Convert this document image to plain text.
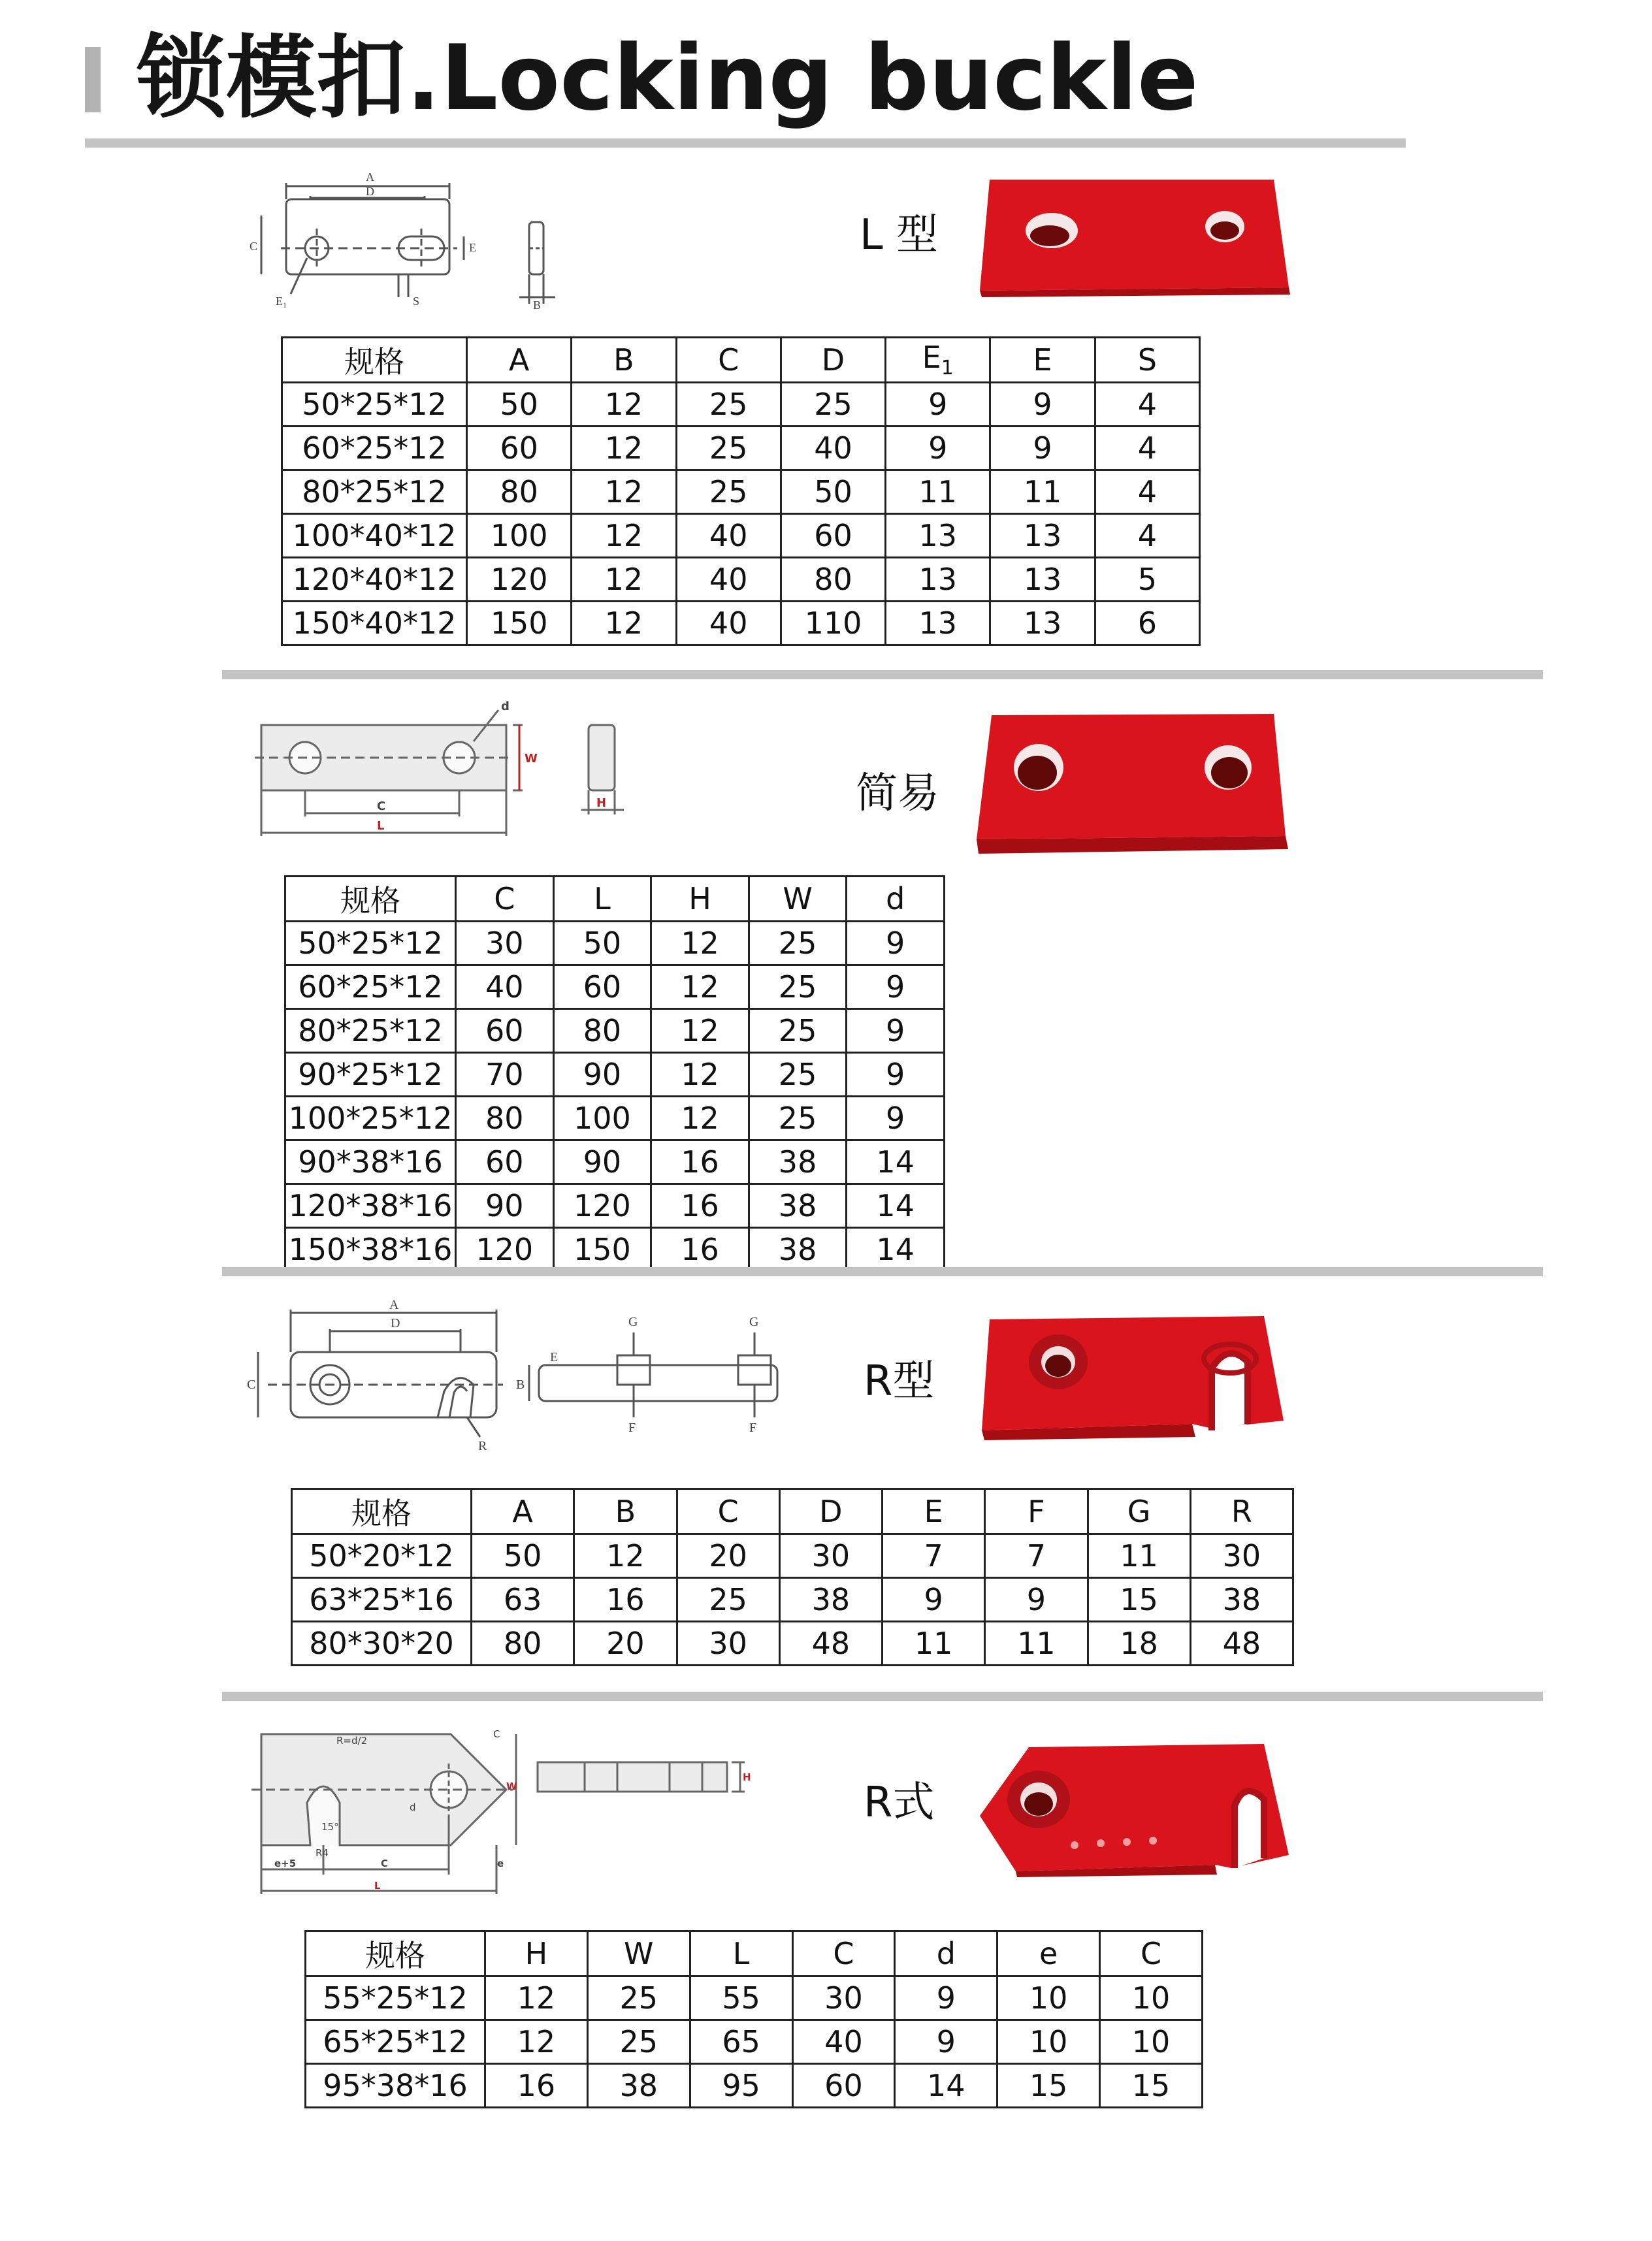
锁模扣.Locking buckle
A
D
C	E
E₁	S	B
L 型
规格	A	B	C	D	$E_1$	E	S
50*25*12	50	12	25	25	9	9	4
60*25*12	60	12	25	40	9	9	4
80*25*12	80	12	25	50	11	11	4
100*40*12	100	12	40	60	13	13	4
120*40*12	120	12	40	80	13	13	5
150*40*12	150	12	40	110	13	13	6
d
W
C
L
H	简易
规格	C	L	H	W	d
50*25*12	30	50	12	25	9
60*25*12	40	60	12	25	9
80*25*12	60	80	12	25	9
90*25*12	70	90	12	25	9
100*25*12	80	100	12	25	9
90*38*16	60	90	16	38	14
120*38*16	90	120	16	38	14
150*38*16	120	150	16	38	14
A
D
C
R
B
E
G
F
G
F
R型
规格	A	B	C	D	E	F	G	R
50*20*12	50	12	20	30	7	7	11	30
63*25*16	63	16	25	38	9	9	15	38
80*30*20	80	20	30	48	11	11	18	48
R=d/2
C
W
15°
d
R4
e+5	C	e
L
H
R式
规格	H	W	L	C	d	e	C
55*25*12	12	25	55	30	9	10	10
65*25*12	12	25	65	40	9	10	10
95*38*16	16	38	95	60	14	15	15
